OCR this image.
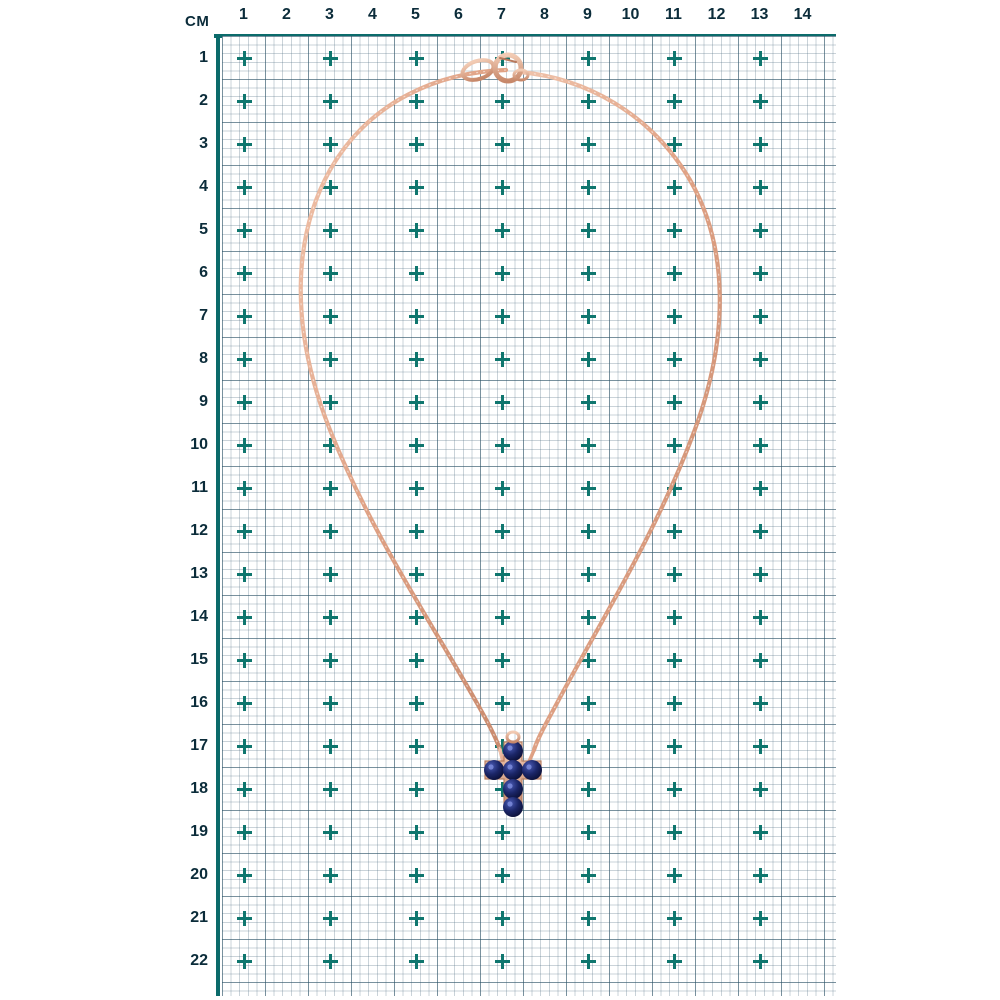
CM	1	2	3	4	5	6	7	8	9	10 11 12 13 14
1
2
3
4
5
6
7
8
9
10
11
12
13
14
15
16
17
18
19
20
21
22
